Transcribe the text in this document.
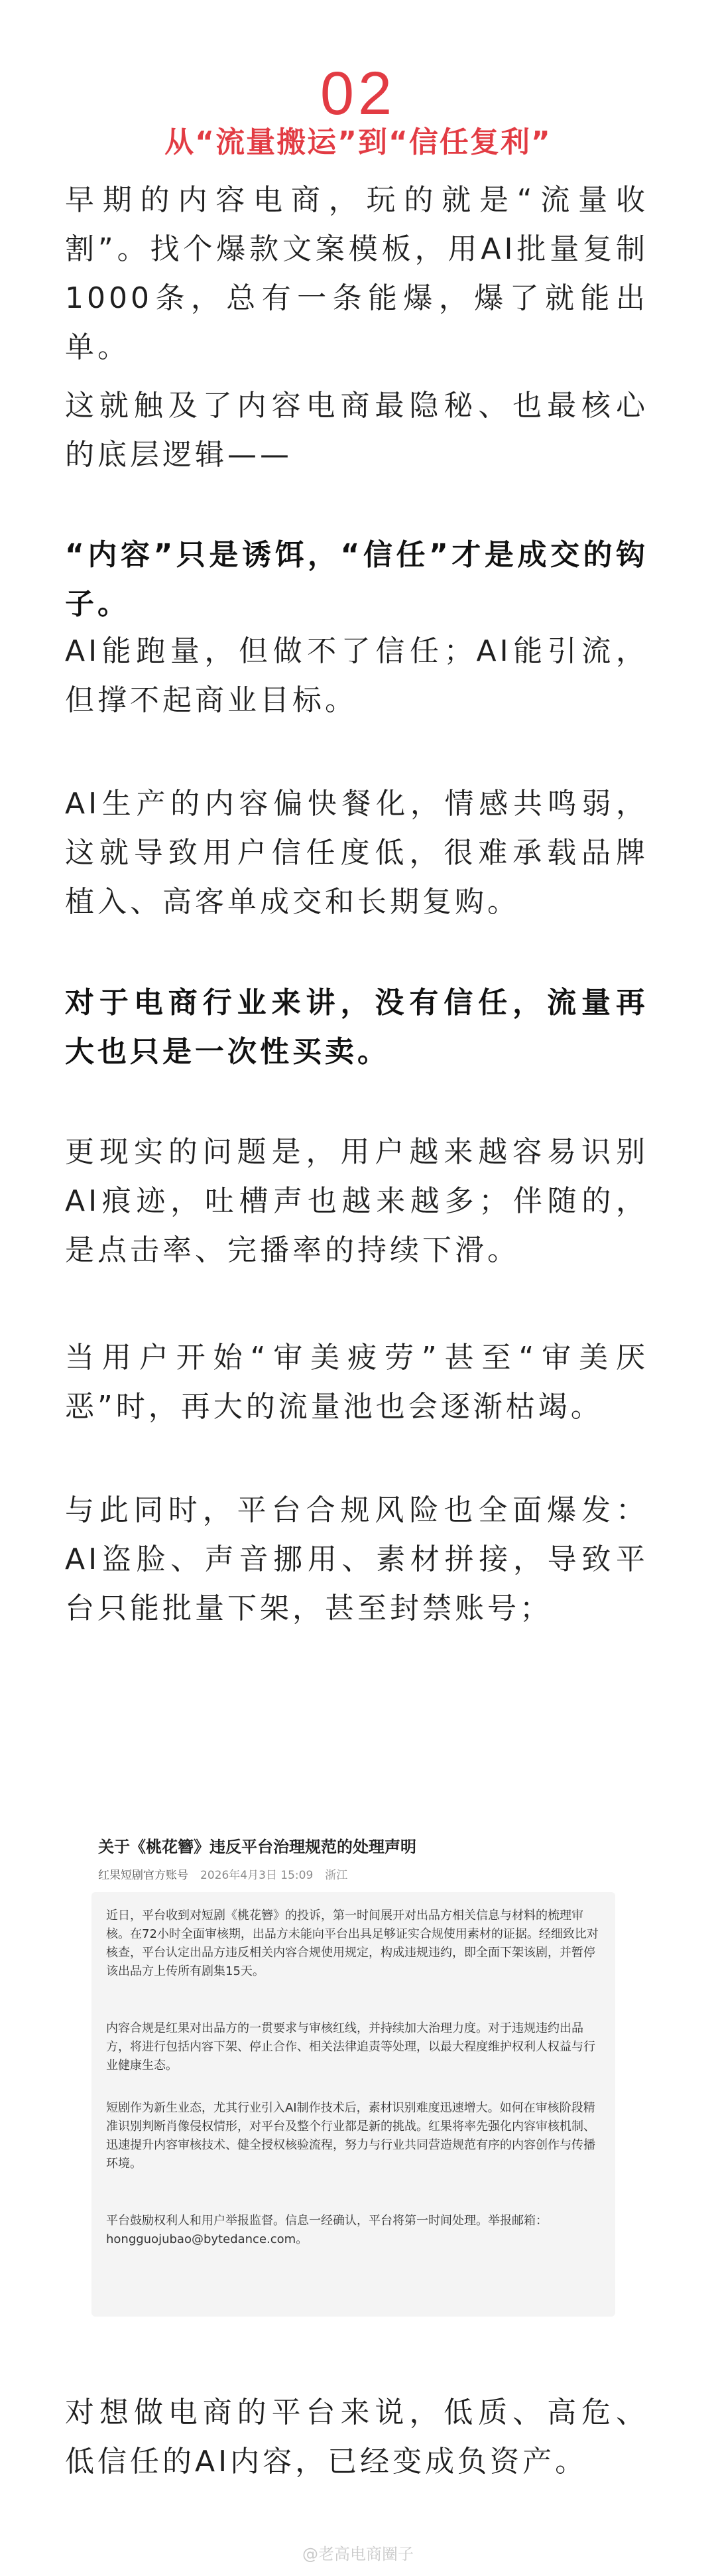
02
从“流量搬运”到“信任复利”

早期的内容电商，玩的就是“流量收割”。找个爆款文案模板，用AI批量复制1000条，总有一条能爆，爆了就能出单。

这就触及了内容电商最隐秘、也最核心的底层逻辑——

“内容”只是诱饵，“信任”才是成交的钩子。

AI能跑量，但做不了信任；AI能引流，但撑不起商业目标。

AI生产的内容偏快餐化，情感共鸣弱，这就导致用户信任度低，很难承载品牌植入、高客单成交和长期复购。

对于电商行业来讲，没有信任，流量再大也只是一次性买卖。

更现实的问题是，用户越来越容易识别AI痕迹，吐槽声也越来越多；伴随的，是点击率、完播率的持续下滑。

当用户开始“审美疲劳”甚至“审美厌恶”时，再大的流量池也会逐渐枯竭。

与此同时，平台合规风险也全面爆发：AI盗脸、声音挪用、素材拼接，导致平台只能批量下架，甚至封禁账号；

关于《桃花簪》违反平台治理规范的处理声明
红果短剧官方账号 2026年4月3日 15:09 浙江

近日，平台收到对短剧《桃花簪》的投诉，第一时间展开对出品方相关信息与材料的梳理审核。在72小时全面审核期，出品方未能向平台出具足够证实合规使用素材的证据。经细致比对核查，平台认定出品方违反相关内容合规使用规定，构成违规违约，即全面下架该剧，并暂停该出品方上传所有剧集15天。

内容合规是红果对出品方的一贯要求与审核红线，并持续加大治理力度。对于违规违约出品方，将进行包括内容下架、停止合作、相关法律追责等处理，以最大程度维护权利人权益与行业健康生态。

短剧作为新生业态，尤其行业引入AI制作技术后，素材识别难度迅速增大。如何在审核阶段精准识别判断肖像侵权情形，对平台及整个行业都是新的挑战。红果将率先强化内容审核机制、迅速提升内容审核技术、健全授权核验流程，努力与行业共同营造规范有序的内容创作与传播环境。

平台鼓励权利人和用户举报监督。信息一经确认，平台将第一时间处理。举报邮箱：hongguojubao@bytedance.com。

对想做电商的平台来说，低质、高危、低信任的AI内容，已经变成负资产。

@老高电商圈子
